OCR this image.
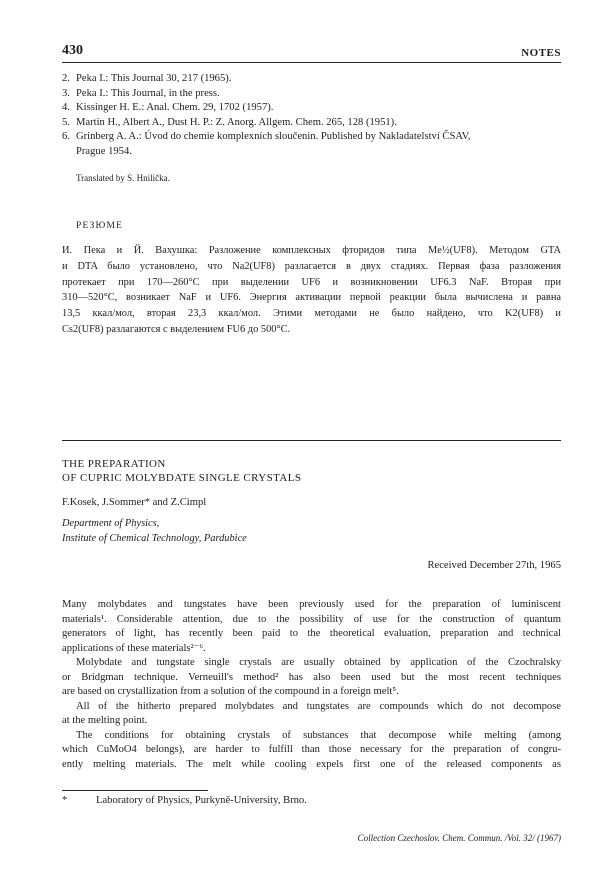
430	NOTES
2. Peka I.: This Journal 30, 217 (1965).
3. Peka I.: This Journal, in the press.
4. Kissinger H. E.: Anal. Chem. 29, 1702 (1957).
5. Martin H., Albert A., Dust H. P.: Z. Anorg. Allgem. Chem. 265, 128 (1951).
6. Grinberg A. A.: Úvod do chemie komplexních sloučenin. Published by Nakladatelství ČSAV,
Prague 1954.
Translated by S. Hnilička.
РЕЗЮМЕ
И. Пека и Й. Вахушка: Разложение комплексных фторидов типа Me½(UF8). Методом GTA
и DTA было установлено, что Na2(UF8) разлагается в двух стадиях. Первая фаза разложения
протекает при 170—260°C при выделении UF6 и возникновении UF6.3 NaF. Вторая при
310—520°C, возникает NaF и UF6. Энергия активации первой реакции была вычислена и равна
13,5 ккал/мол, вторая 23,3 ккал/мол. Этими методами не было найдено, что K2(UF8) и
Cs2(UF8) разлагаются с выделением FU6 до 500°C.
THE PREPARATION
OF CUPRIC MOLYBDATE SINGLE CRYSTALS
F.Kosek, J.Sommer* and Z.Cimpl
Department of Physics,
Institute of Chemical Technology, Pardubice
Received December 27th, 1965
Many molybdates and tungstates have been previously used for the preparation of luminiscent
materials¹. Considerable attention, due to the possibility of use for the construction of quantum
generators of light, has recently been paid to the theoretical evaluation, preparation and technical
applications of these materials²⁻⁶.
Molybdate and tungstate single crystals are usually obtained by application of the Czochralsky
or Bridgman technique. Verneuill's method² has also been used but the most recent techniques
are based on crystallization from a solution of the compound in a foreign melt⁵.
All of the hitherto prepared molybdates and tungstates are compounds which do not decompose
at the melting point.
The conditions for obtaining crystals of substances that decompose while melting (among
which CuMoO4 belongs), are harder to fulfill than those necessary for the preparation of congru-
ently melting materials. The melt while cooling expels first one of the released components as
*	Laboratory of Physics, Purkyně-University, Brno.
Collection Czechoslov. Chem. Commun. /Vol. 32/ (1967)
